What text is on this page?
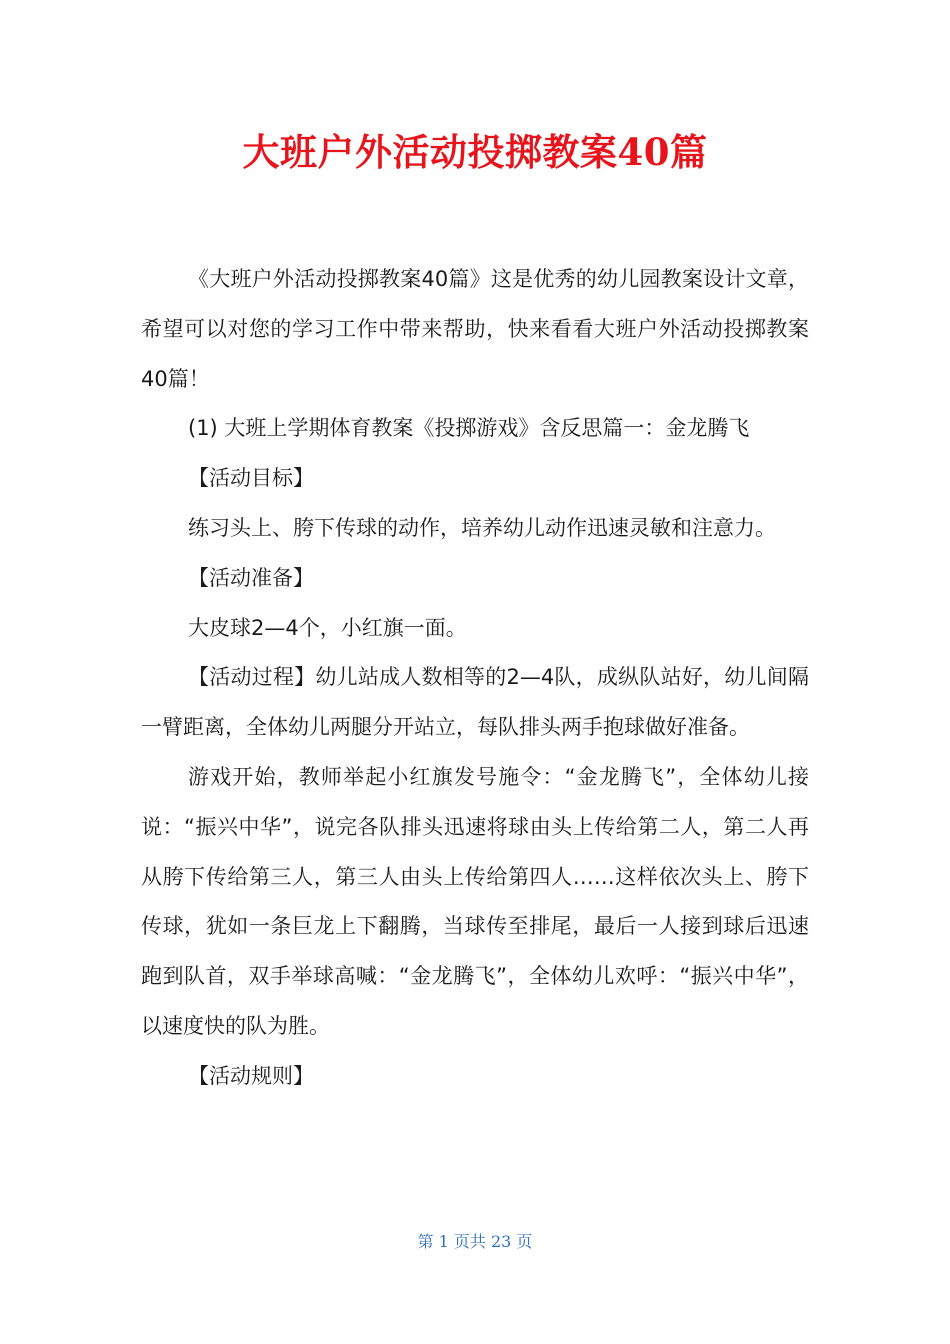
大班户外活动投掷教案40篇

《大班户外活动投掷教案40篇》这是优秀的幼儿园教案设计文章，希望可以对您的学习工作中带来帮助，快来看看大班户外活动投掷教案40篇！

(1) 大班上学期体育教案《投掷游戏》含反思篇一：金龙腾飞

【活动目标】

练习头上、胯下传球的动作，培养幼儿动作迅速灵敏和注意力。

【活动准备】

大皮球2—4个，小红旗一面。

【活动过程】幼儿站成人数相等的2—4队，成纵队站好，幼儿间隔一臂距离，全体幼儿两腿分开站立，每队排头两手抱球做好准备。

游戏开始，教师举起小红旗发号施令：“金龙腾飞”，全体幼儿接说：“振兴中华”，说完各队排头迅速将球由头上传给第二人，第二人再从胯下传给第三人，第三人由头上传给第四人……这样依次头上、胯下传球，犹如一条巨龙上下翻腾，当球传至排尾，最后一人接到球后迅速跑到队首，双手举球高喊：“金龙腾飞”，全体幼儿欢呼：“振兴中华”，以速度快的队为胜。

【活动规则】

第 1 页共 23 页
